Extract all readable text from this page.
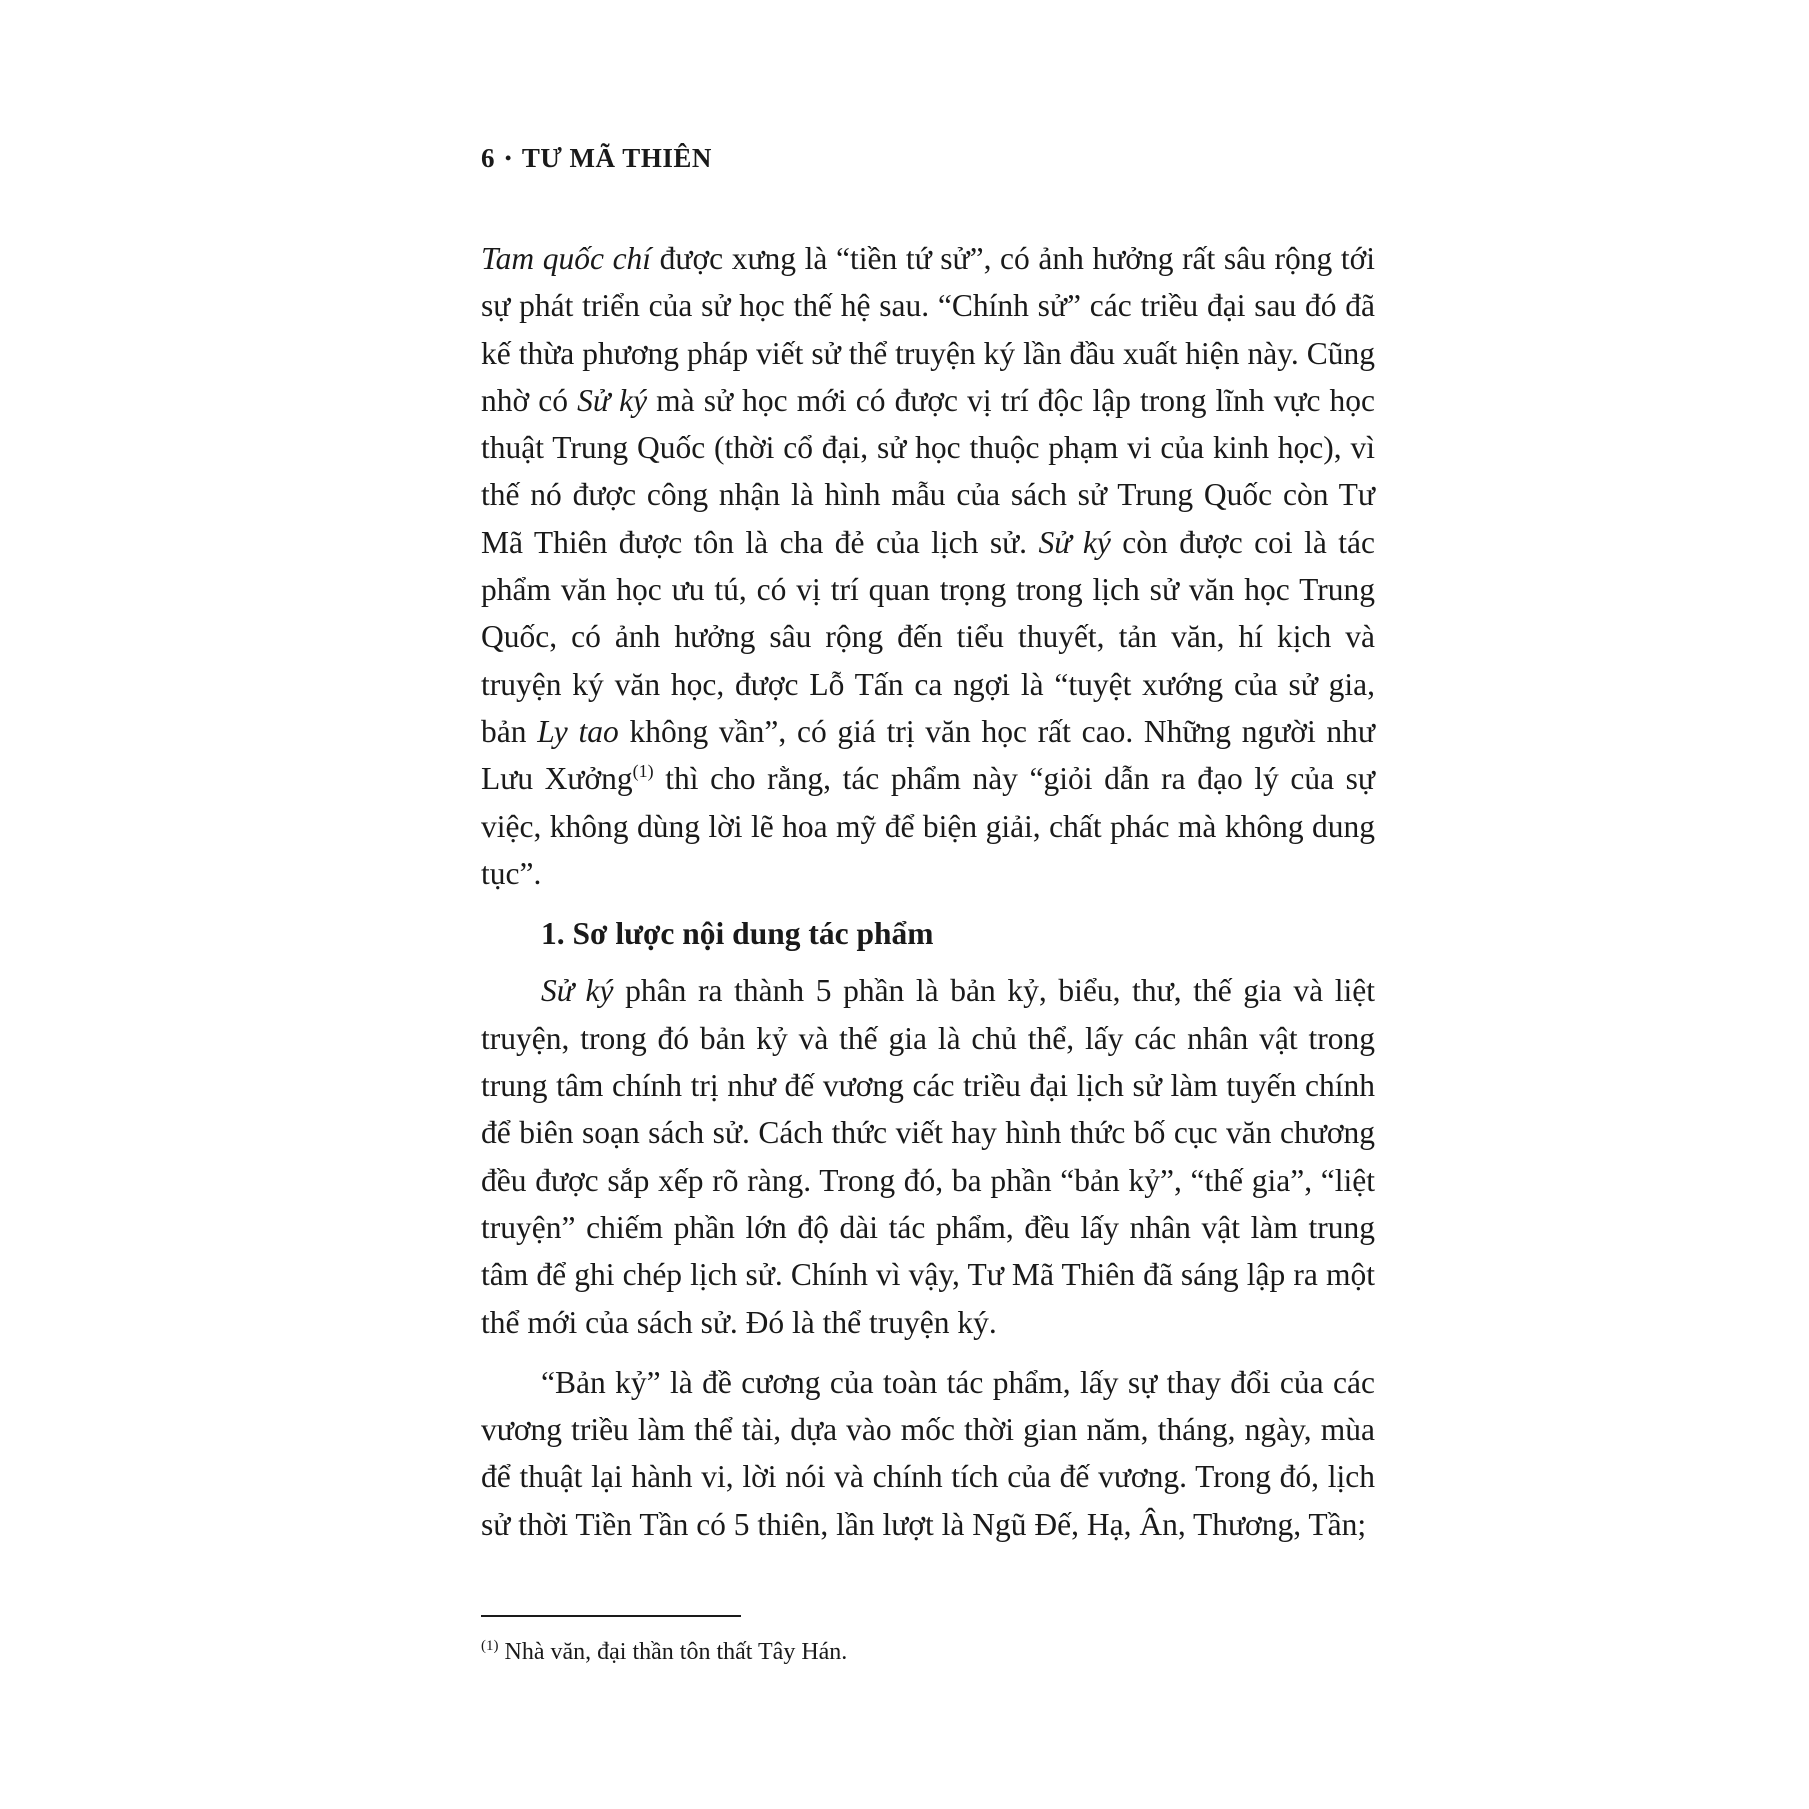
6 • TƯ MÃ THIÊN

Tam quốc chí được xưng là “tiền tứ sử”, có ảnh hưởng rất sâu rộng tới sự phát triển của sử học thế hệ sau. “Chính sử” các triều đại sau đó đã kế thừa phương pháp viết sử thể truyện ký lần đầu xuất hiện này. Cũng nhờ có Sử ký mà sử học mới có được vị trí độc lập trong lĩnh vực học thuật Trung Quốc (thời cổ đại, sử học thuộc phạm vi của kinh học), vì thế nó được công nhận là hình mẫu của sách sử Trung Quốc còn Tư Mã Thiên được tôn là cha đẻ của lịch sử. Sử ký còn được coi là tác phẩm văn học ưu tú, có vị trí quan trọng trong lịch sử văn học Trung Quốc, có ảnh hưởng sâu rộng đến tiểu thuyết, tản văn, hí kịch và truyện ký văn học, được Lỗ Tấn ca ngợi là “tuyệt xướng của sử gia, bản Ly tao không vần”, có giá trị văn học rất cao. Những người như Lưu Xưởng$^{(1)}$ thì cho rằng, tác phẩm này “giỏi dẫn ra đạo lý của sự việc, không dùng lời lẽ hoa mỹ để biện giải, chất phác mà không dung tục”.

1. Sơ lược nội dung tác phẩm

Sử ký phân ra thành 5 phần là bản kỷ, biểu, thư, thế gia và liệt truyện, trong đó bản kỷ và thế gia là chủ thể, lấy các nhân vật trong trung tâm chính trị như đế vương các triều đại lịch sử làm tuyến chính để biên soạn sách sử. Cách thức viết hay hình thức bố cục văn chương đều được sắp xếp rõ ràng. Trong đó, ba phần “bản kỷ”, “thế gia”, “liệt truyện” chiếm phần lớn độ dài tác phẩm, đều lấy nhân vật làm trung tâm để ghi chép lịch sử. Chính vì vậy, Tư Mã Thiên đã sáng lập ra một thể mới của sách sử. Đó là thể truyện ký.

“Bản kỷ” là đề cương của toàn tác phẩm, lấy sự thay đổi của các vương triều làm thể tài, dựa vào mốc thời gian năm, tháng, ngày, mùa để thuật lại hành vi, lời nói và chính tích của đế vương. Trong đó, lịch sử thời Tiền Tần có 5 thiên, lần lượt là Ngũ Đế, Hạ, Ân, Thương, Tần;

$^{(1)}$ Nhà văn, đại thần tôn thất Tây Hán.
